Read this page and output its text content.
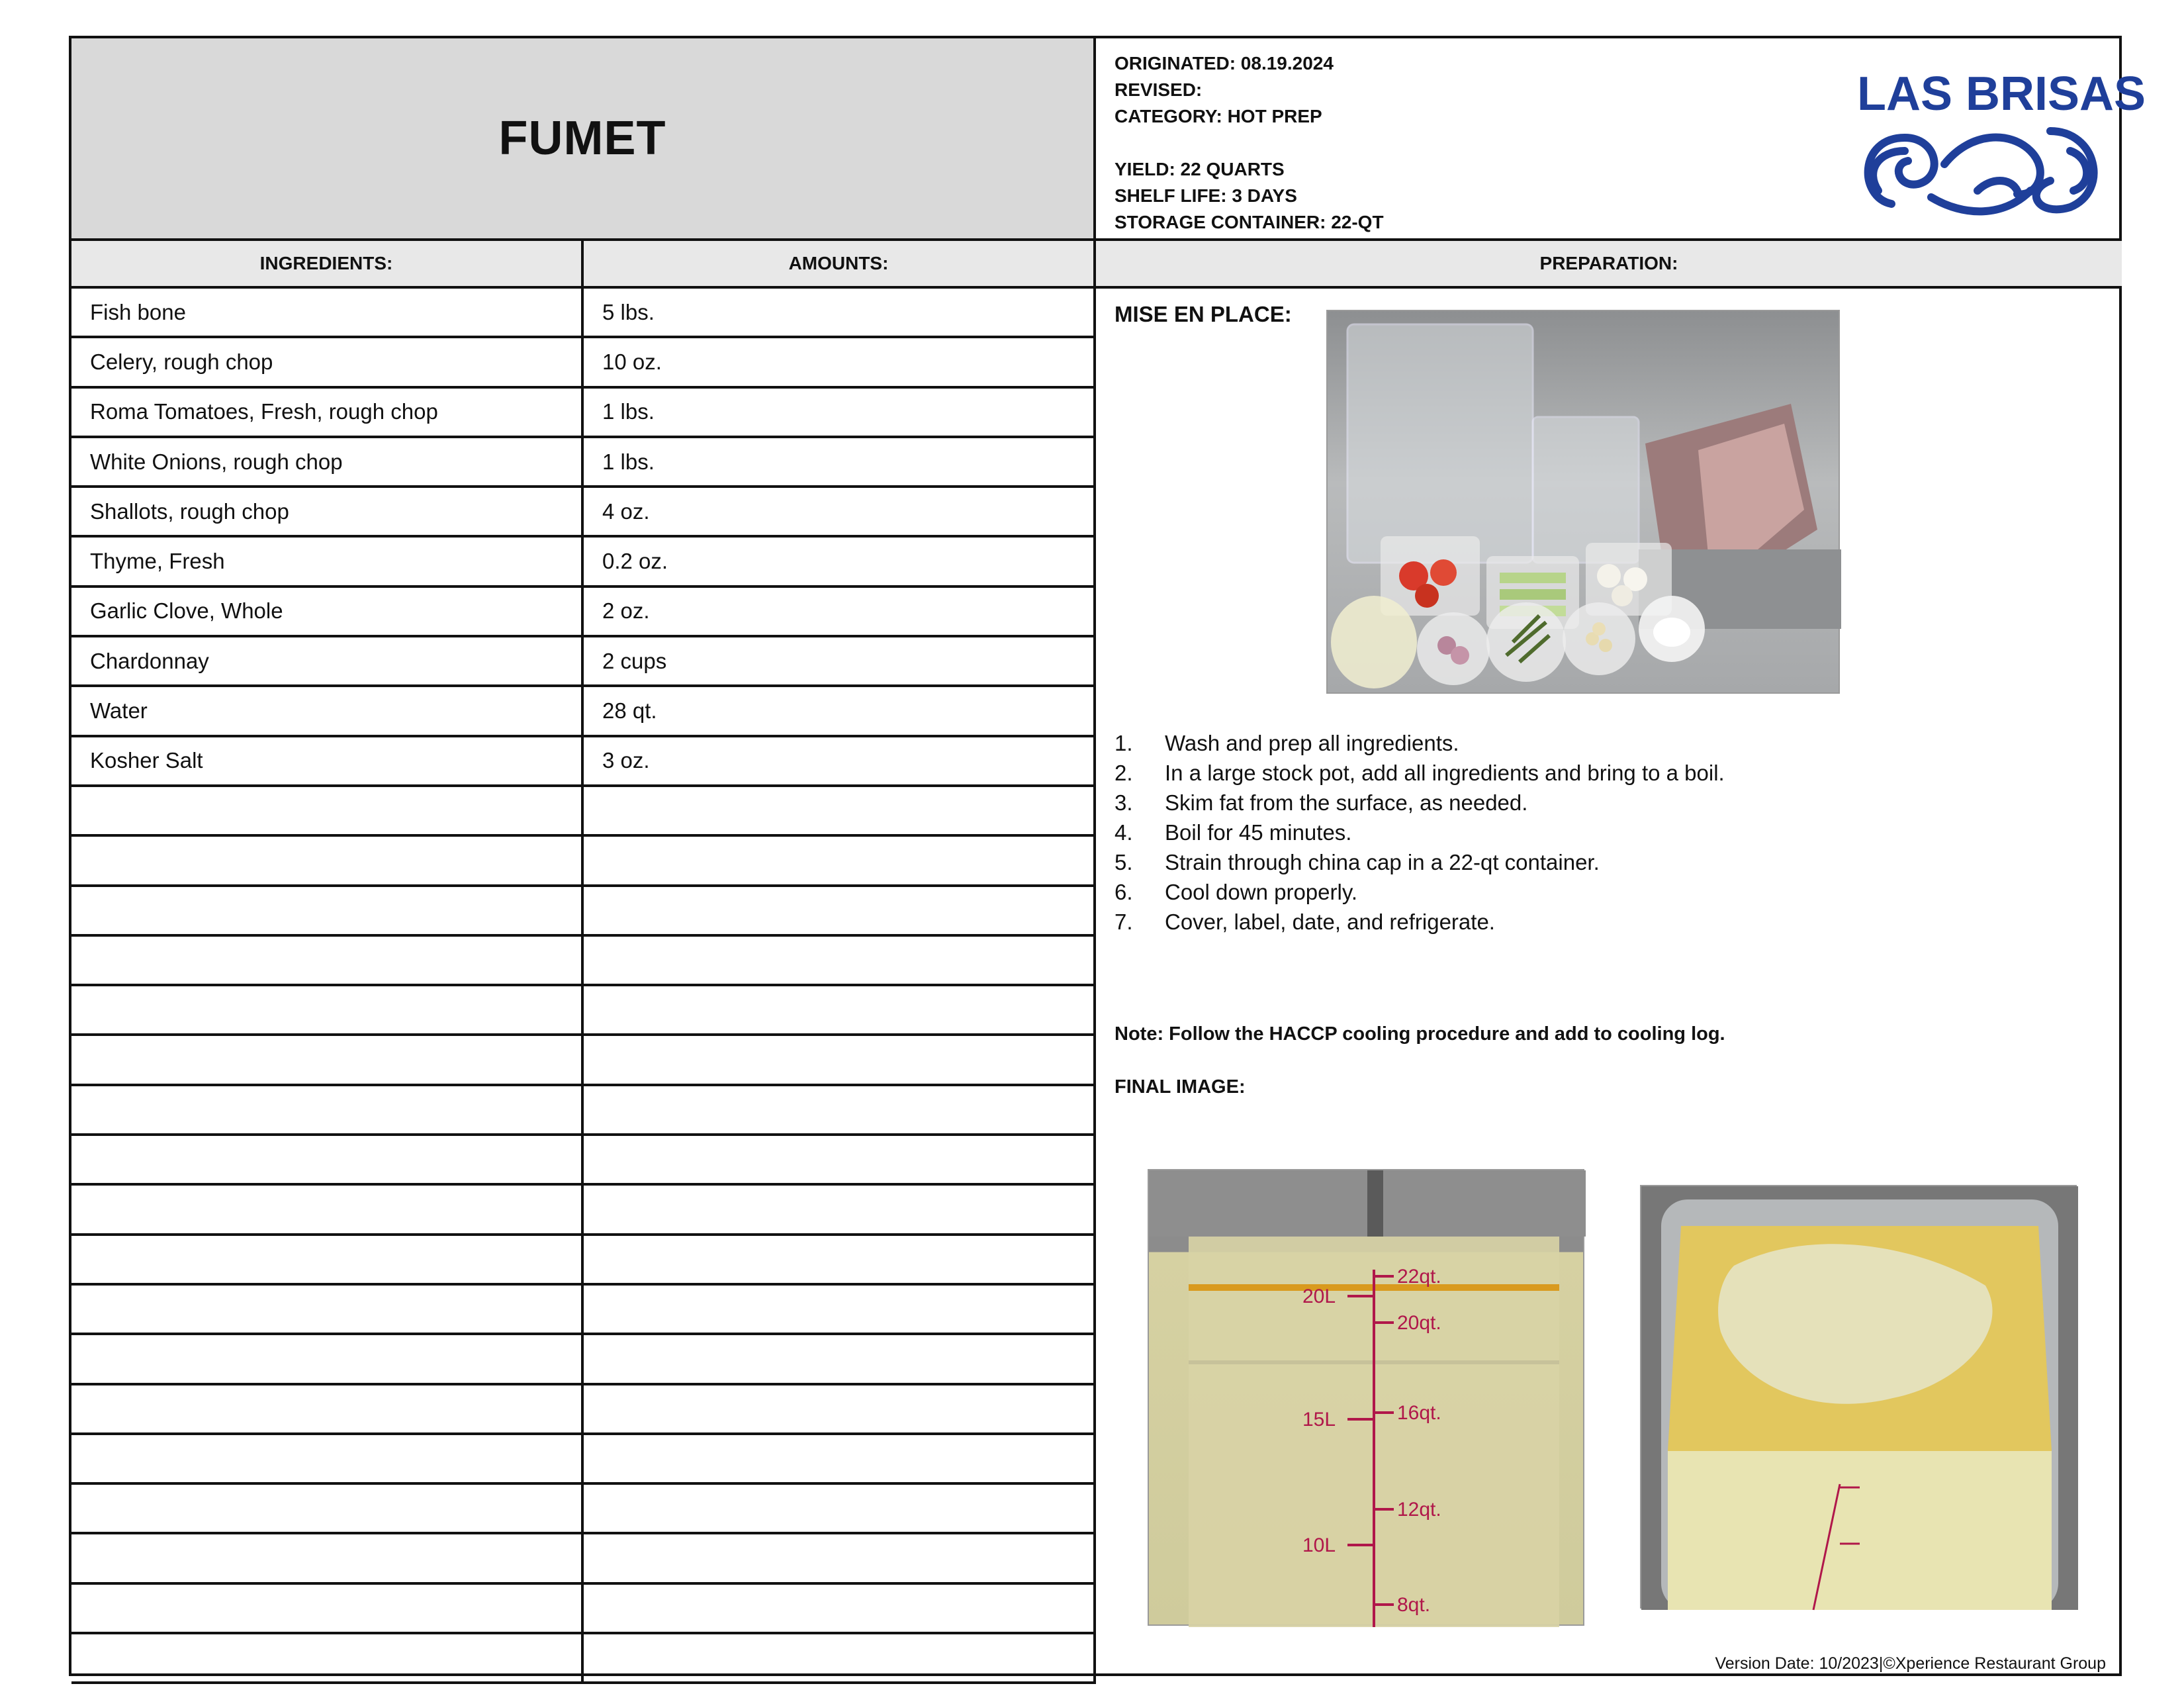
FUMET
ORIGINATED: 08.19.2024
REVISED:
CATEGORY: HOT PREP
YIELD: 22 QUARTS
SHELF LIFE: 3 DAYS
STORAGE CONTAINER: 22-QT
LAS BRISAS
INGREDIENTS:	AMOUNTS:	PREPARATION:
Fish bone	5 lbs.
Celery, rough chop	10 oz.
Roma Tomatoes, Fresh, rough chop	1 lbs.
White Onions, rough chop	1 lbs.
Shallots, rough chop	4 oz.
Thyme, Fresh	0.2 oz.
Garlic Clove, Whole	2 oz.
Chardonnay	2 cups
Water	28 qt.
Kosher Salt	3 oz.
MISE EN PLACE:
1.	Wash and prep all ingredients.
2.	In a large stock pot, add all ingredients and bring to a boil.
3.	Skim fat from the surface, as needed.
4.	Boil for 45 minutes.
5.	Strain through china cap in a 22-qt container.
6.	Cool down properly.
7.	Cover, label, date, and refrigerate.
Note: Follow the HACCP cooling procedure and add to cooling log.
FINAL IMAGE:
22qt.
20L
20qt.
15L	16qt.
12qt.
10L
8qt.
Version Date: 10/2023|©Xperience Restaurant Group
